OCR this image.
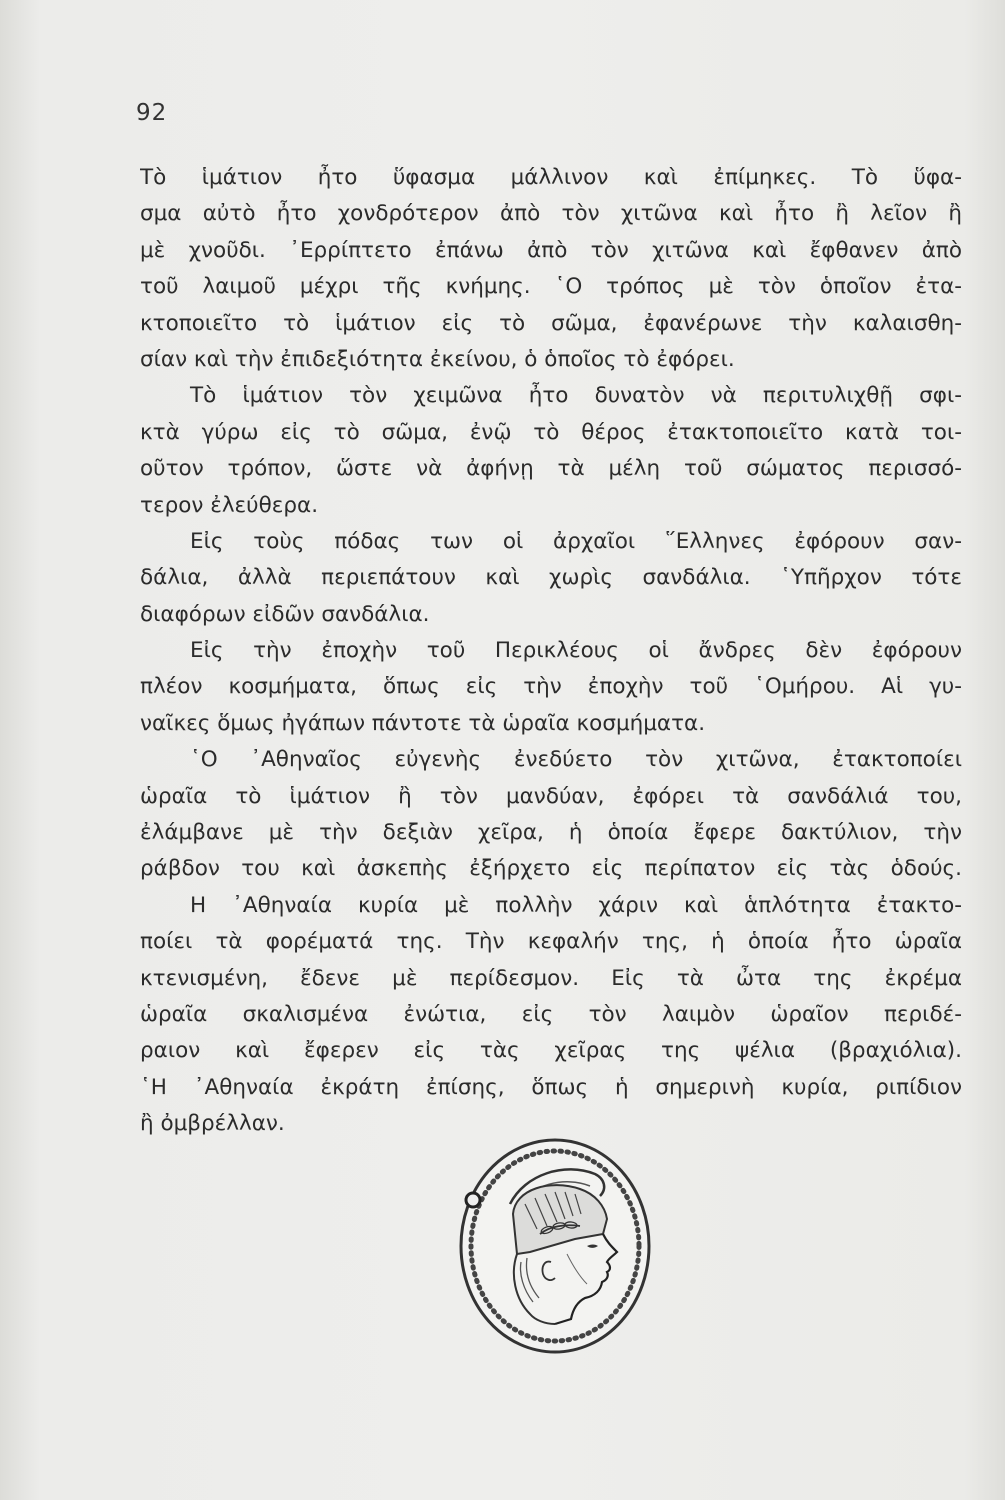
92
Τὸ ἱμάτιον ἦτο ὕφασμα μάλλινον καὶ ἐπίμηκες. Τὸ ὕφα-
σμα αὐτὸ ἦτο χονδρότερον ἀπὸ τὸν χιτῶνα καὶ ἦτο ἢ λεῖον ἢ
μὲ χνοῦδι. ᾿Ερρίπτετο ἐπάνω ἀπὸ τὸν χιτῶνα καὶ ἔφθανεν ἀπὸ
τοῦ λαιμοῦ μέχρι τῆς κνήμης. ῾Ο τρόπος μὲ τὸν ὁποῖον ἐτα-
κτοποιεῖτο τὸ ἱμάτιον εἰς τὸ σῶμα, ἐφανέρωνε τὴν καλαισθη-
σίαν καὶ τὴν ἐπιδεξιότητα ἐκείνου, ὁ ὁποῖος τὸ ἐφόρει.
Τὸ ἱμάτιον τὸν χειμῶνα ἦτο δυνατὸν νὰ περιτυλιχθῇ σφι-
κτὰ γύρω εἰς τὸ σῶμα, ἐνῷ τὸ θέρος ἐτακτοποιεῖτο κατὰ τοι-
οῦτον τρόπον, ὥστε νὰ ἀφήνῃ τὰ μέλη τοῦ σώματος περισσό-
τερον ἐλεύθερα.
Εἰς τοὺς πόδας των οἱ ἀρχαῖοι ῞Ελληνες ἐφόρουν σαν-
δάλια, ἀλλὰ περιεπάτουν καὶ χωρὶς σανδάλια. ῾Υπῆρχον τότε
διαφόρων εἰδῶν σανδάλια.
Εἰς τὴν ἐποχὴν τοῦ Περικλέους οἱ ἄνδρες δὲν ἐφόρουν
πλέον κοσμήματα, ὅπως εἰς τὴν ἐποχὴν τοῦ ῾Ομήρου. Αἱ γυ-
ναῖκες ὅμως ἠγάπων πάντοτε τὰ ὡραῖα κοσμήματα.
῾Ο ᾿Αθηναῖος εὐγενὴς ἐνεδύετο τὸν χιτῶνα, ἐτακτοποίει
ὡραῖα τὸ ἱμάτιον ἢ τὸν μανδύαν, ἐφόρει τὰ σανδάλιά του,
ἐλάμβανε μὲ τὴν δεξιὰν χεῖρα, ἡ ὁποία ἔφερε δακτύλιον, τὴν
ράβδον του καὶ ἀσκεπὴς ἐξήρχετο εἰς περίπατον εἰς τὰς ὁδούς.
Η ᾿Αθηναία κυρία μὲ πολλὴν χάριν καὶ ἁπλότητα ἐτακτο-
ποίει τὰ φορέματά της. Τὴν κεφαλήν της, ἡ ὁποία ἦτο ὡραῖα
κτενισμένη, ἔδενε μὲ περίδεσμον. Εἰς τὰ ὦτα της ἐκρέμα
ὡραῖα σκαλισμένα ἐνώτια, εἰς τὸν λαιμὸν ὡραῖον περιδέ-
ραιον καὶ ἔφερεν εἰς τὰς χεῖρας της ψέλια (βραχιόλια).
῾Η ᾿Αθηναία ἐκράτη ἐπίσης, ὅπως ἡ σημερινὴ κυρία, ριπίδιον
ἢ ὀμβρέλλαν.
